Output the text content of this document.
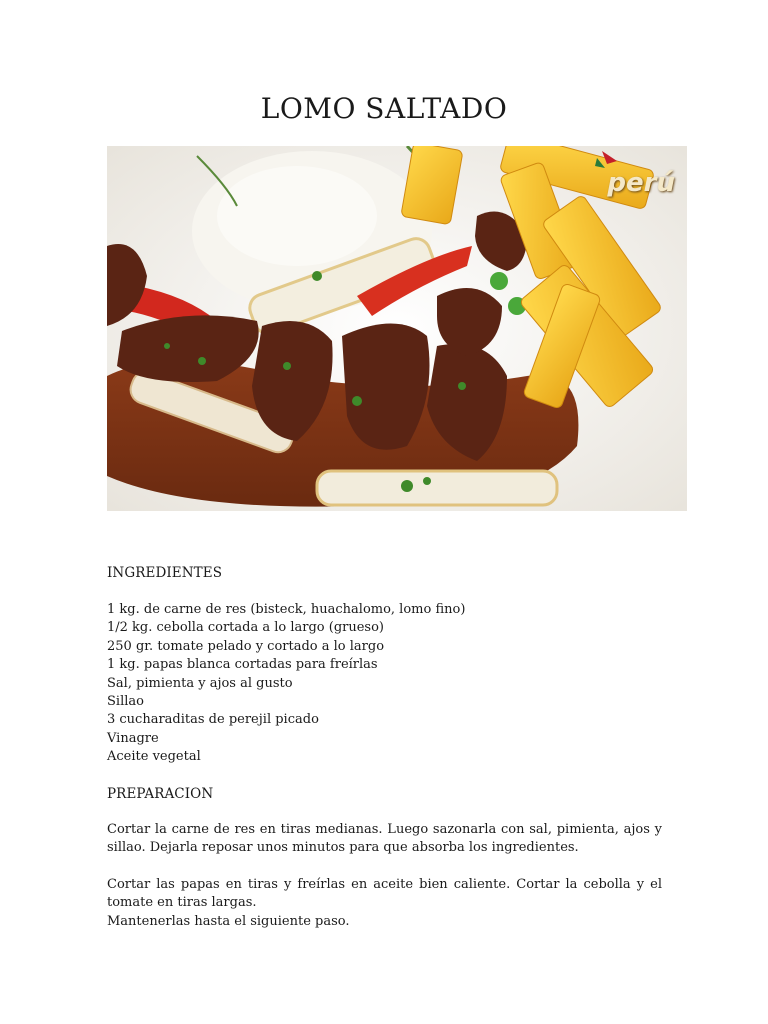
LOMO SALTADO
perú
INGREDIENTES
1 kg. de carne de res (bisteck, huachalomo, lomo fino)
1/2 kg. cebolla cortada a lo largo (grueso)
250 gr. tomate pelado y cortado a lo largo
1 kg. papas blanca cortadas para freírlas
Sal, pimienta y ajos al gusto
Sillao
3 cucharaditas de perejil picado
Vinagre
Aceite vegetal
PREPARACION

Cortar la carne de res en tiras medianas. Luego sazonarla con sal, pimienta, ajos y sillao. Dejarla reposar unos minutos para que absorba los ingredientes.

Cortar las papas en tiras y freírlas en aceite bien caliente. Cortar la cebolla y el tomate en tiras largas.

Mantenerlas hasta el siguiente paso.
